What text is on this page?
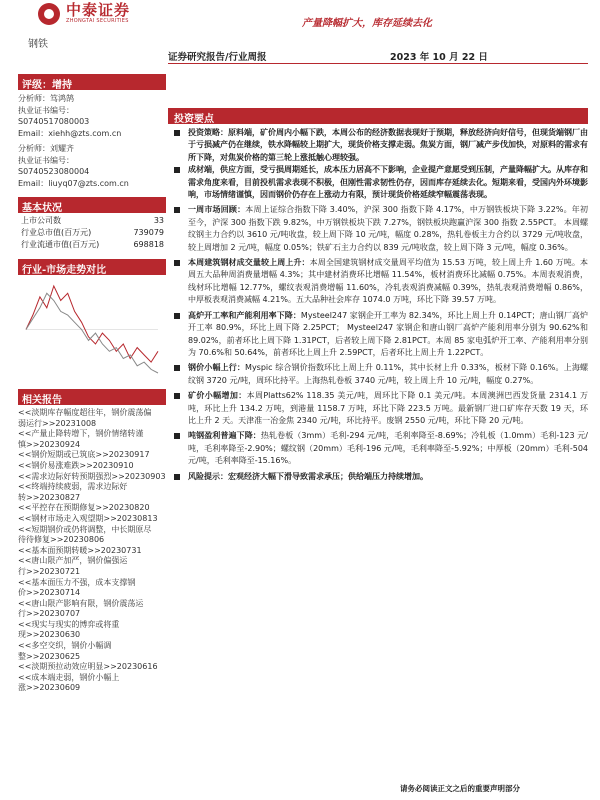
中泰证券
ZHONGTAI SECURITIES
钢铁
产量降幅扩大，库存延续去化
证券研究报告/行业周报	2023 年 10 月 22 日
评级：增持
分析师：笃鸿鹄
执业证书编号：
S0740517080003
Email：xiehh@zts.com.cn
分析师：刘耀齐
执业证书编号：
S0740523080004
Email：liuyq07@zts.com.cn
基本状况
上市公司数	33
行业总市值(百万元)	739079
行业流通市值(百万元)	698818
行业-市场走势对比
相关报告
<<淡期库存幅度超往年，钢价震荡偏
弱运行>>20231008
<<产量止降转增下，钢价情绪转谨
慎>>20230924
<<钢价短期或已筑底>>20230917
<<钢价易涨难跌>>20230910
<<需求边际好转预期强烈>>20230903
<<终端持续疲弱，需求边际好
转>>20230827
<<平控存在预期修复>>20230820
<<钢材市场走入观望期>>20230813
<<短期钢价或仍将调整，中长期原尽
待待修复>>20230806
<<基本面预期转暖>>20230731
<<唐山限产加严，钢价偏强运
行>>20230721
<<基本面压力不强，成本支撑钢
价>>20230714
<<唐山限产影响有限，钢价震荡运
行>>20230707
<<现实与现实的博弈或将重
现>>20230630
<<多空交织，钢价小幅调
整>>20230625
<<淡期预拉动效应明显>>20230616
<<成本端走弱，钢价小幅上
涨>>20230609
投资要点
投资策略：原料端，矿价周内小幅下跌，本周公布的经济数据表现好于预期，释放经济向好信号，但现货端钢厂由于亏损减产仍在继续，铁水降幅较上期扩大，现货价格支撑走弱。焦炭方面，钢厂减产步伐加快，对原料的需求有所下降，对焦炭价格的第三轮上涨抵触心理较强。
成材端，供应方面，受亏损周期延长，成本压力居高不下影响，企业提产意愿受到压制，产量降幅扩大。从库存和需求角度来看，目前投机需求表现不积极，但刚性需求韧性仍存，因而库存延续去化。短期来看，受国内外环境影响，市场情绪谨慎，因而钢价仍存在上涨动力有限，预计现货价格延续窄幅震荡表现。
一周市场回顾：本周上证综合指数下降 3.40%，沪深 300 指数下降 4.17%，中万钢铁板块下降 3.22%。年初至今，沪深 300 指数下跌 9.82%，中万钢铁板块下跌 7.27%，钢铁板块跑赢沪深 300 指数 2.55PCT。 本周螺纹钢主力合约以 3610 元/吨收盘，较上周下降 10 元/吨，幅度 0.28%，热轧卷板主力合约以 3729 元/吨收盘，较上周增加 2 元/吨，幅度 0.05%；铁矿石主力合约以 839 元/吨收盘，较上周下降 3 元/吨，幅度 0.36%。
本周建筑钢材成交量较上周上升：本周全国建筑钢材成交量周平均值为 15.53 万吨，较上周上升 1.60 万吨。本周五大品种周消费量增幅 4.3%；其中建材消费环比增幅 11.54%，板材消费环比减幅 0.75%。本周表观消费，线材环比增幅 12.77%，螺纹表观消费增幅 11.60%，冷轧表观消费减幅 0.39%，热轧表观消费增幅 0.86%，中厚板表观消费减幅 4.21%。五大品种社会库存 1074.0 万吨，环比下降 39.57 万吨。
高炉开工率和产能利用率下降：Mysteel247 家钢企开工率为 82.34%，环比上周上升 0.14PCT；唐山钢厂高炉开工率 80.9%，环比上周下降 2.25PCT； Mysteel247 家钢企和唐山钢厂高炉产能利用率分别为 90.62%和 89.02%，前者环比上周下降 1.31PCT，后者较上周下降 2.81PCT。本周 85 家电弧炉开工率、产能利用率分别为 70.6%和 50.64%，前者环比上周上升 2.59PCT，后者环比上周上升 1.22PCT。
钢价小幅上行：Myspic 综合钢价指数环比上周上升 0.11%，其中长材上升 0.33%，板材下降 0.16%。上海螺纹钢 3720 元/吨，周环比持平。上海热轧卷板 3740 元/吨，较上周上升 10 元/吨，幅度 0.27%。
矿价小幅增加：本周Platts62% 118.35 美元/吨，周环比下降 0.1 美元/吨。本周澳洲巴西发货量 2314.1 万吨，环比上升 134.2 万吨，到港量 1158.7 万吨，环比下降 223.5 万吨。最新钢厂进口矿库存天数 19 天，环比上升 2 天。天津准一冶金焦 2340 元/吨，环比持平。废钢 2550 元/吨，环比下降 20 元/吨。
吨钢盈利普遍下降：热轧卷板（3mm）毛利-294 元/吨，毛利率降至-8.69%；冷轧板（1.0mm）毛利-123 元/吨，毛利率降至-2.90%；螺纹钢（20mm）毛利-196 元/吨，毛利率降至-5.92%；中厚板（20mm）毛利-504 元/吨，毛利率降至-15.16%。
风险提示：宏观经济大幅下滑导致需求承压；供给端压力持续增加。
请务必阅读正文之后的重要声明部分
